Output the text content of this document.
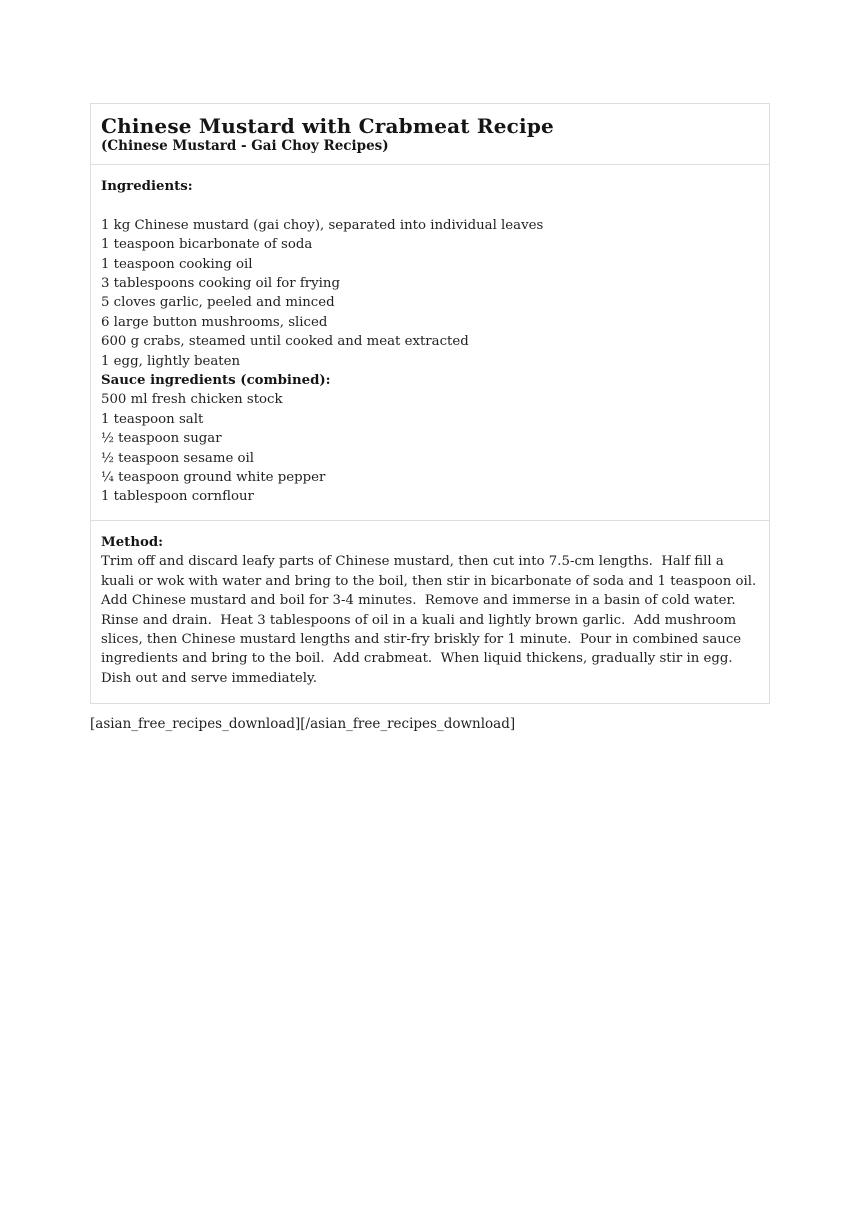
Chinese Mustard with Crabmeat Recipe
(Chinese Mustard - Gai Choy Recipes)

Ingredients:

1 kg Chinese mustard (gai choy), separated into individual leaves

1 teaspoon bicarbonate of soda

1 teaspoon cooking oil

3 tablespoons cooking oil for frying

5 cloves garlic, peeled and minced

6 large button mushrooms, sliced

600 g crabs, steamed until cooked and meat extracted

1 egg, lightly beaten

Sauce ingredients (combined):

500 ml fresh chicken stock

1 teaspoon salt

½ teaspoon sugar

½ teaspoon sesame oil

¼ teaspoon ground white pepper

1 tablespoon cornflour

Method:

Trim off and discard leafy parts of Chinese mustard, then cut into 7.5-cm lengths.  Half fill a kuali or wok with water and bring to the boil, then stir in bicarbonate of soda and 1 teaspoon oil.  Add Chinese mustard and boil for 3-4 minutes.  Remove and immerse in a basin of cold water.  Rinse and drain.  Heat 3 tablespoons of oil in a kuali and lightly brown garlic.  Add mushroom slices, then Chinese mustard lengths and stir-fry briskly for 1 minute.  Pour in combined sauce ingredients and bring to the boil.  Add crabmeat.  When liquid thickens, gradually stir in egg.  Dish out and serve immediately.

[asian_free_recipes_download][/asian_free_recipes_download]
